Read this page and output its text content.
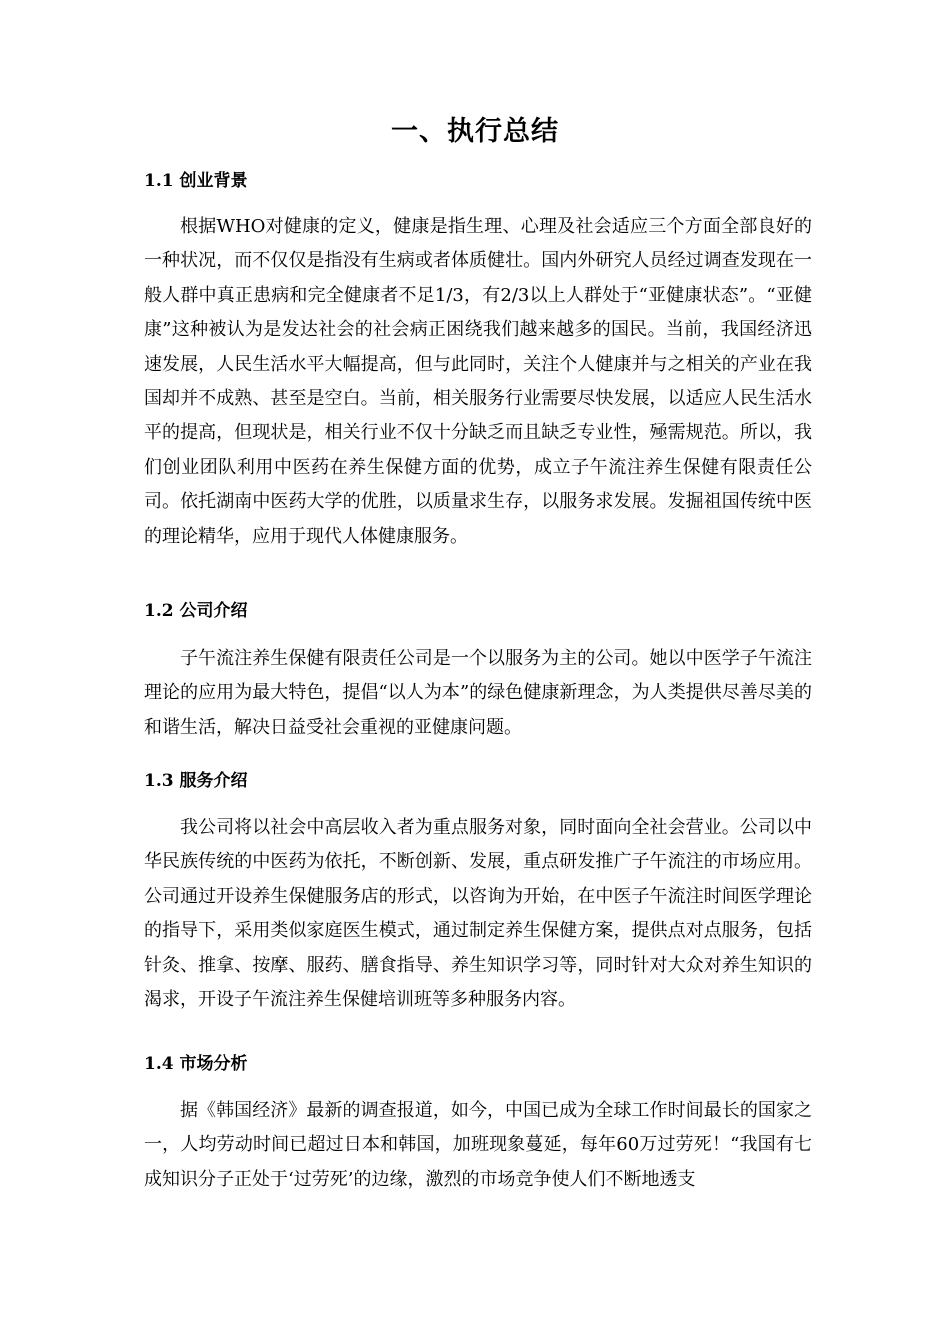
一、执行总结
1.1 创业背景
根据WHO对健康的定义，健康是指生理、心理及社会适应三个方面全部良好的一种状况，而不仅仅是指没有生病或者体质健壮。国内外研究人员经过调查发现在一般人群中真正患病和完全健康者不足1/3，有2/3以上人群处于“亚健康状态”。“亚健康”这种被认为是发达社会的社会病正困绕我们越来越多的国民。当前，我国经济迅速发展，人民生活水平大幅提高，但与此同时，关注个人健康并与之相关的产业在我国却并不成熟、甚至是空白。当前，相关服务行业需要尽快发展，以适应人民生活水平的提高，但现状是，相关行业不仅十分缺乏而且缺乏专业性，殛需规范。所以，我们创业团队利用中医药在养生保健方面的优势，成立子午流注养生保健有限责任公司。依托湖南中医药大学的优胜，以质量求生存，以服务求发展。发掘祖国传统中医的理论精华，应用于现代人体健康服务。
1.2 公司介绍
子午流注养生保健有限责任公司是一个以服务为主的公司。她以中医学子午流注理论的应用为最大特色，提倡“以人为本”的绿色健康新理念，为人类提供尽善尽美的和谐生活，解决日益受社会重视的亚健康问题。
1.3 服务介绍
我公司将以社会中高层收入者为重点服务对象，同时面向全社会营业。公司以中华民族传统的中医药为依托，不断创新、发展，重点研发推广子午流注的市场应用。公司通过开设养生保健服务店的形式，以咨询为开始，在中医子午流注时间医学理论的指导下，采用类似家庭医生模式，通过制定养生保健方案，提供点对点服务，包括针灸、推拿、按摩、服药、膳食指导、养生知识学习等，同时针对大众对养生知识的渴求，开设子午流注养生保健培训班等多种服务内容。
1.4 市场分析
据《韩国经济》最新的调查报道，如今，中国已成为全球工作时间最长的国家之一，人均劳动时间已超过日本和韩国，加班现象蔓延，每年60万过劳死！“我国有七成知识分子正处于‘过劳死’的边缘，激烈的市场竞争使人们不断地透支
